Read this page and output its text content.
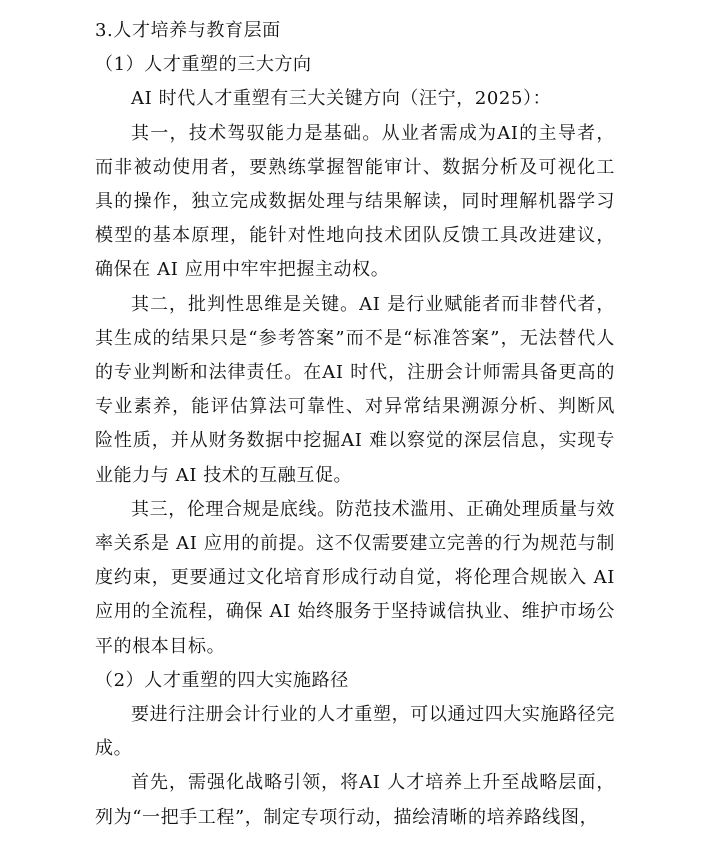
3.人才培养与教育层面

（1）人才重塑的三大方向

AI 时代人才重塑有三大关键方向（汪宁，2025）：

其一，技术驾驭能力是基础。从业者需成为AI的主导者，而非被动使用者，要熟练掌握智能审计、数据分析及可视化工具的操作，独立完成数据处理与结果解读，同时理解机器学习模型的基本原理，能针对性地向技术团队反馈工具改进建议，确保在 AI 应用中牢牢把握主动权。

其二，批判性思维是关键。AI 是行业赋能者而非替代者，其生成的结果只是“参考答案”而不是“标准答案”，无法替代人的专业判断和法律责任。在AI 时代，注册会计师需具备更高的专业素养，能评估算法可靠性、对异常结果溯源分析、判断风险性质，并从财务数据中挖掘AI 难以察觉的深层信息，实现专业能力与 AI 技术的互融互促。

其三，伦理合规是底线。防范技术滥用、正确处理质量与效率关系是 AI 应用的前提。这不仅需要建立完善的行为规范与制度约束，更要通过文化培育形成行动自觉，将伦理合规嵌入 AI 应用的全流程，确保 AI 始终服务于坚持诚信执业、维护市场公平的根本目标。

（2）人才重塑的四大实施路径

要进行注册会计行业的人才重塑，可以通过四大实施路径完成。

首先，需强化战略引领，将AI 人才培养上升至战略层面，列为“一把手工程”，制定专项行动，描绘清晰的培养路线图，
